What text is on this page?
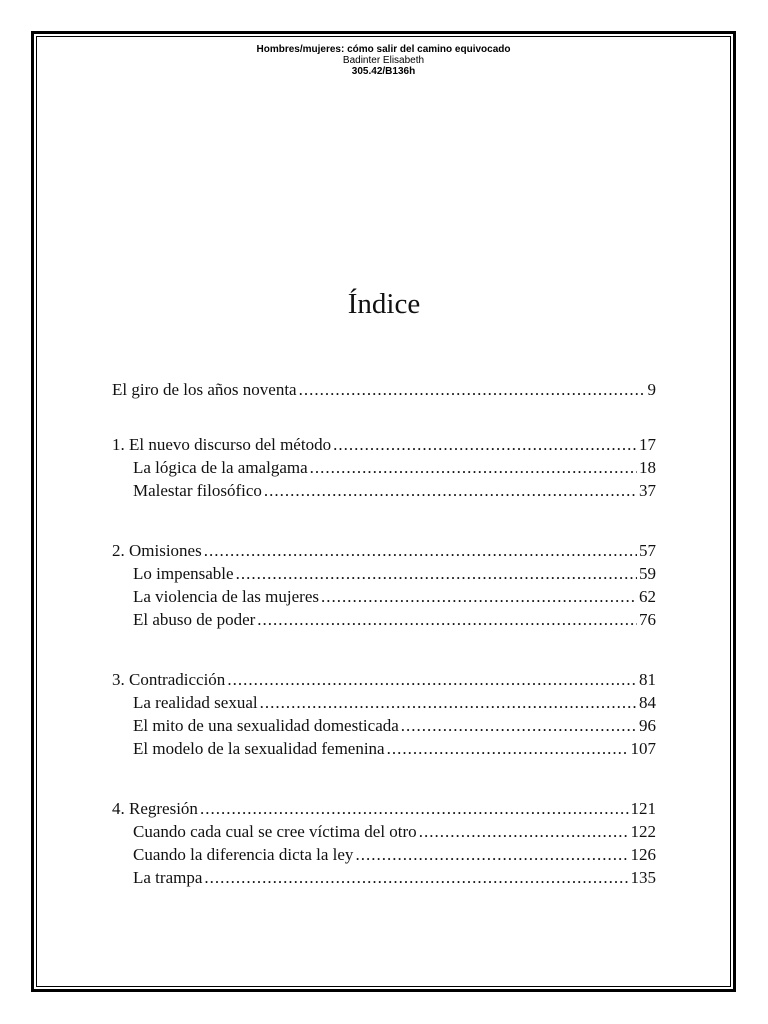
Hombres/mujeres: cómo salir del camino equivocado
Badinter Elisabeth
305.42/B136h
Índice
El giro de los años noventa .....	9
1. El nuevo discurso del método .....	17
La lógica de la amalgama .....	18
Malestar filosófico .....	37
2. Omisiones .....	57
Lo impensable .....	59
La violencia de las mujeres .....	62
El abuso de poder .....	76
3. Contradicción .....	81
La realidad sexual .....	84
El mito de una sexualidad domesticada .....	96
El modelo de la sexualidad femenina .....	107
4. Regresión .....	121
Cuando cada cual se cree víctima del otro .....	122
Cuando la diferencia dicta la ley .....	126
La trampa .....	135
